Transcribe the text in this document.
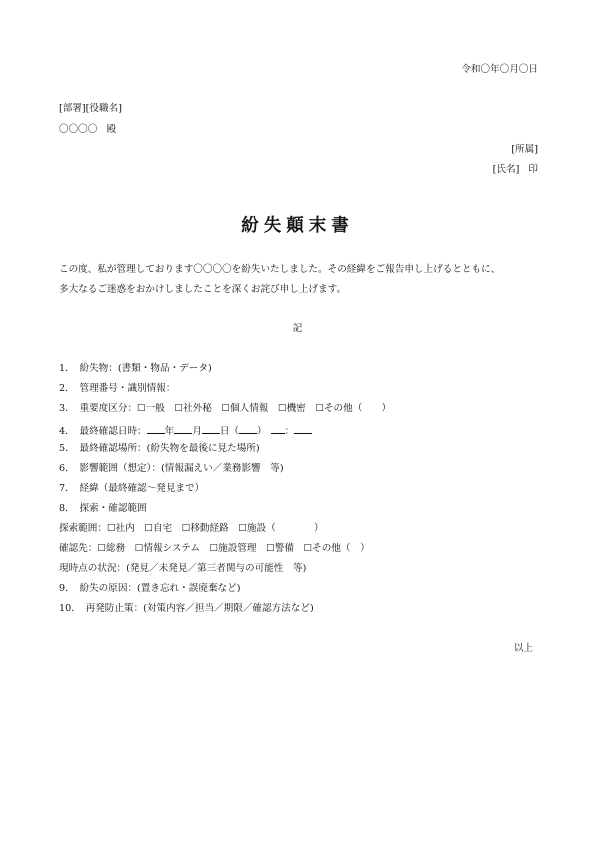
令和〇年〇月〇日
[部署][役職名]
〇〇〇〇 殿
[所属]
[氏名] 印
紛失顛末書
この度、私が管理しております〇〇〇〇を紛失いたしました。その経緯をご報告申し上げるとともに、
多大なるご迷惑をおかけしましたことを深くお詫び申し上げます。
記
1．　紛失物：(書類・物品・データ)
2．　管理番号・識別情報：
3．　重要度区分：☐一般　☐社外秘　☐個人情報　☐機密　☐その他（　　）
4．　最終確認日時： 年 月 日（ ） ：
5．　最終確認場所：(紛失物を最後に見た場所)
6．　影響範囲（想定）：(情報漏えい／業務影響　等)
7．　経緯（最終確認～発見まで）
8．　探索・確認範囲
探索範囲：☐社内　☐自宅　☐移動経路　☐施設（　　　　）
確認先：☐総務　☐情報システム　☐施設管理　☐警備　☐その他（　）
現時点の状況：(発見／未発見／第三者関与の可能性　等)
9．　紛失の原因：(置き忘れ・誤廃棄など)
10．　再発防止策：(対策内容／担当／期限／確認方法など)
以上
